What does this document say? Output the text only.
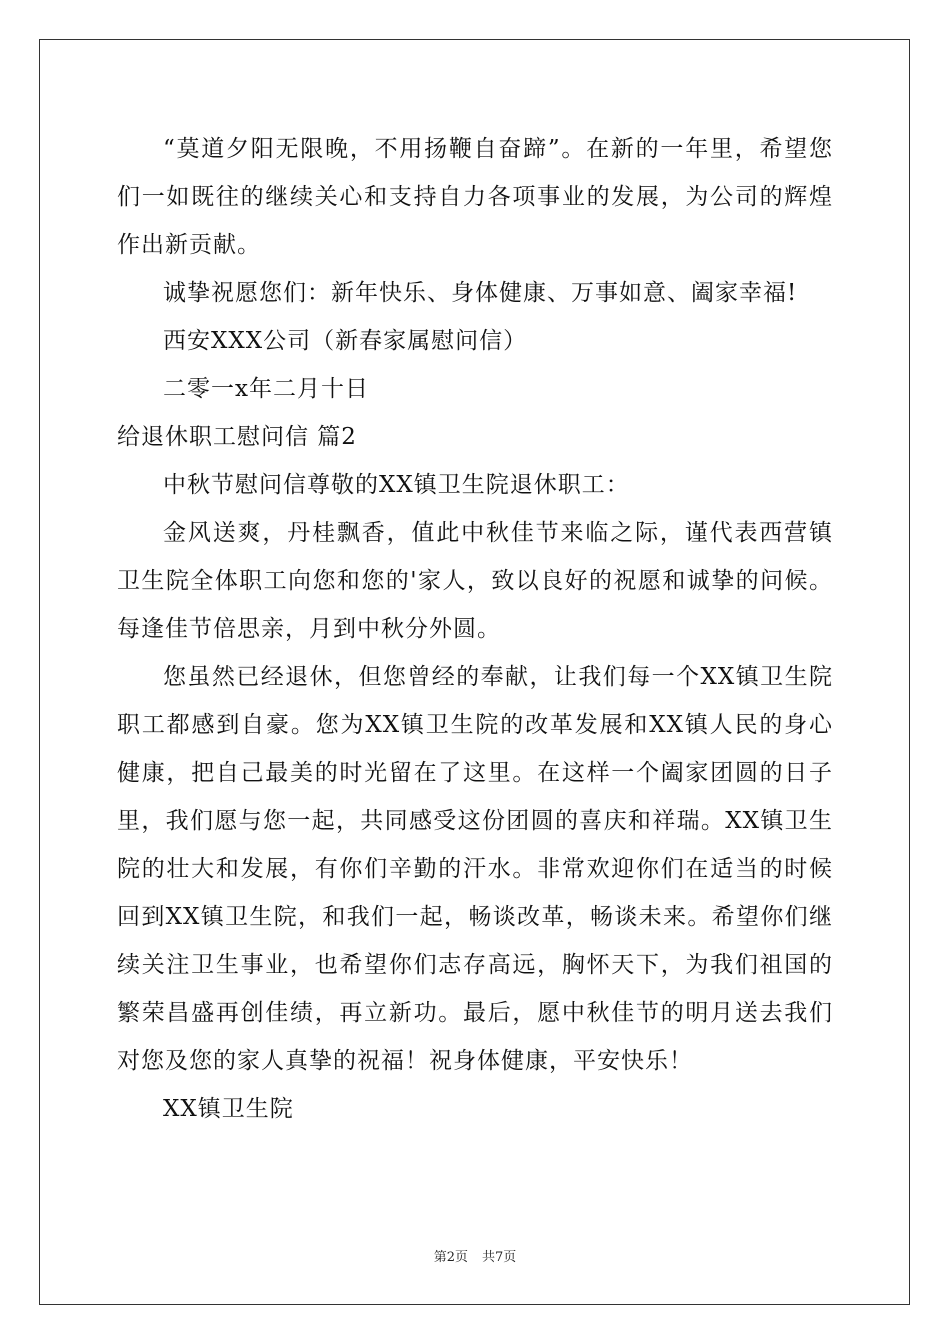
“莫道夕阳无限晚，不用扬鞭自奋蹄”。在新的一年里，希望您们一如既往的继续关心和支持自力各项事业的发展，为公司的辉煌作出新贡献。

诚挚祝愿您们：新年快乐、身体健康、万事如意、阖家幸福!

西安XXX公司（新春家属慰问信）

二零一x年二月十日

给退休职工慰问信 篇2

中秋节慰问信尊敬的XX镇卫生院退休职工：

金风送爽，丹桂飘香，值此中秋佳节来临之际，谨代表西营镇卫生院全体职工向您和您的'家人，致以良好的祝愿和诚挚的问候。每逢佳节倍思亲，月到中秋分外圆。

您虽然已经退休，但您曾经的奉献，让我们每一个XX镇卫生院职工都感到自豪。您为XX镇卫生院的改革发展和XX镇人民的身心健康，把自己最美的时光留在了这里。在这样一个阖家团圆的日子里，我们愿与您一起，共同感受这份团圆的喜庆和祥瑞。XX镇卫生院的壮大和发展，有你们辛勤的汗水。非常欢迎你们在适当的时候回到XX镇卫生院，和我们一起，畅谈改革，畅谈未来。希望你们继续关注卫生事业，也希望你们志存高远，胸怀天下，为我们祖国的繁荣昌盛再创佳绩，再立新功。最后，愿中秋佳节的明月送去我们对您及您的家人真挚的祝福！祝身体健康，平安快乐！

XX镇卫生院

第2页 共7页
